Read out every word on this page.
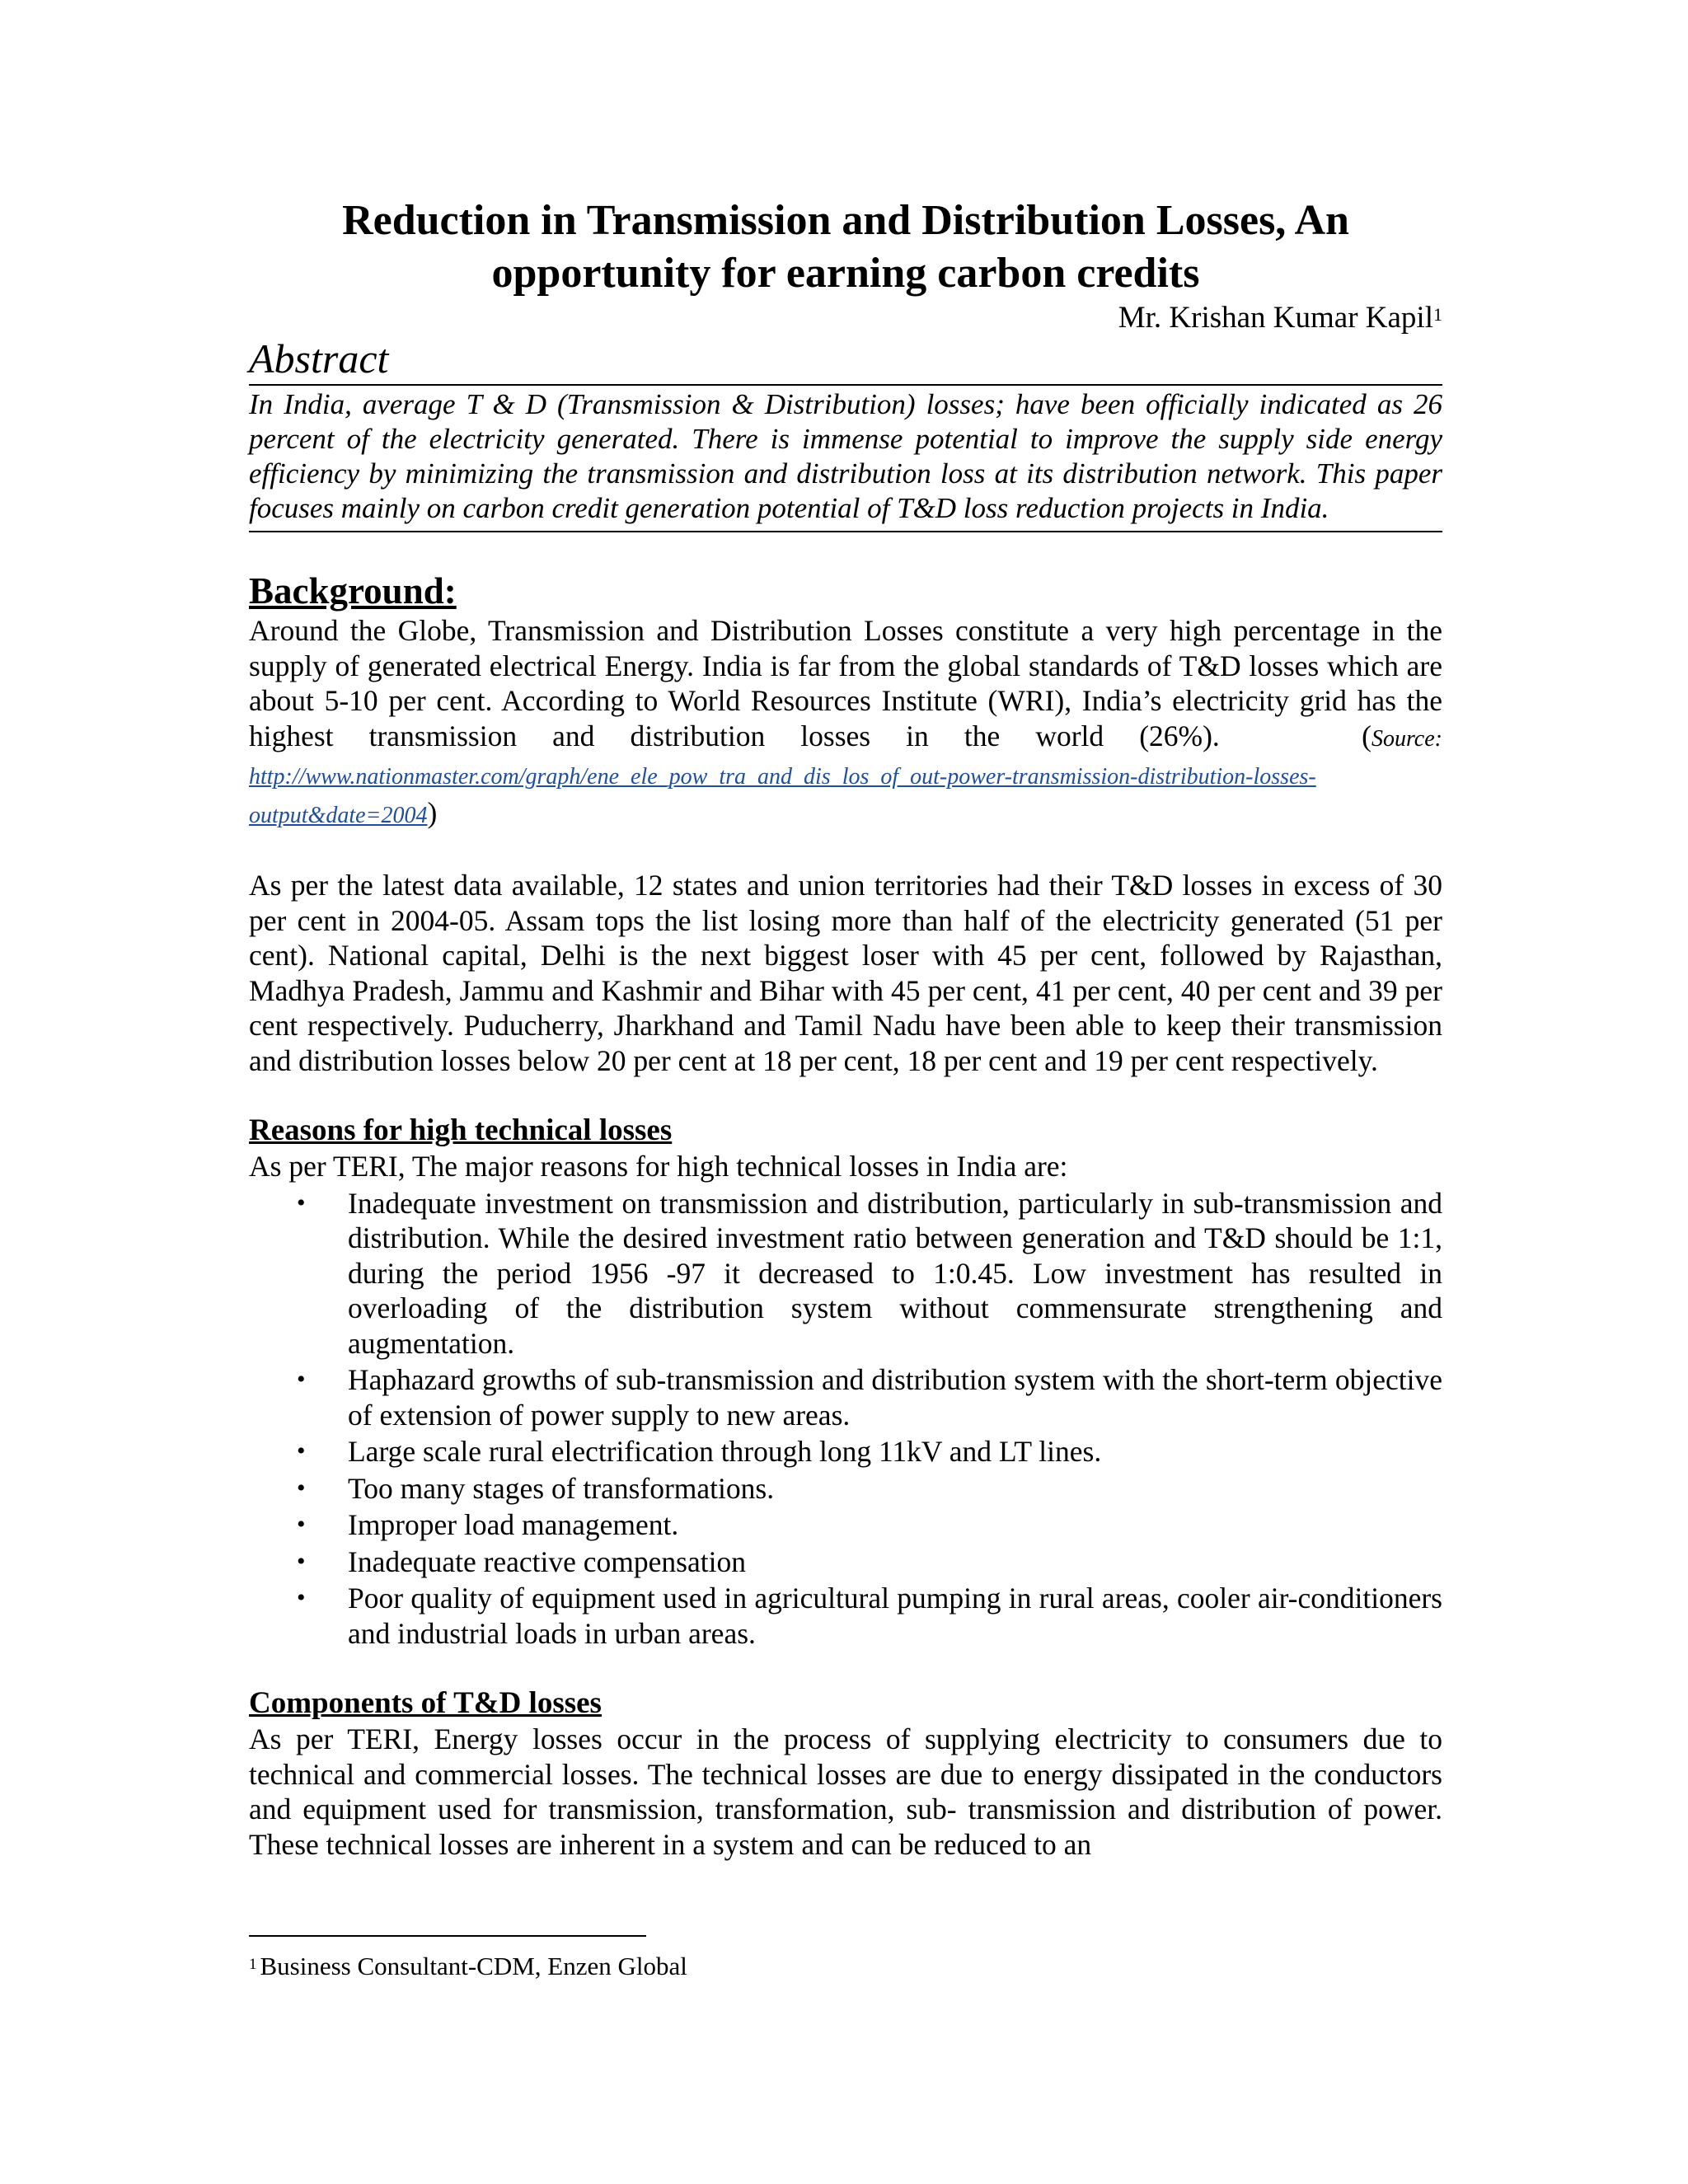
Reduction in Transmission and Distribution Losses, An
opportunity for earning carbon credits
Mr. Krishan Kumar Kapil$^1$
Abstract

In India, average T & D (Transmission & Distribution) losses; have been officially indicated as 26 percent of the electricity generated. There is immense potential to improve the supply side energy efficiency by minimizing the transmission and distribution loss at its distribution network. This paper focuses mainly on carbon credit generation potential of T&D loss reduction projects in India.

Background:

Around the Globe, Transmission and Distribution Losses constitute a very high percentage in the supply of generated electrical Energy. India is far from the global standards of T&D losses which are about 5-10 per cent. According to World Resources Institute (WRI), India’s electricity grid has the highest transmission and distribution losses in the world (26%).	(Source: http://www.nationmaster.com/graph/ene_ele_pow_tra_and_dis_los_of_out-power-transmission-distribution-losses-output&date=2004)

As per the latest data available, 12 states and union territories had their T&D losses in excess of 30 per cent in 2004-05. Assam tops the list losing more than half of the electricity generated (51 per cent). National capital, Delhi is the next biggest loser with 45 per cent, followed by Rajasthan, Madhya Pradesh, Jammu and Kashmir and Bihar with 45 per cent, 41 per cent, 40 per cent and 39 per cent respectively. Puducherry, Jharkhand and Tamil Nadu have been able to keep their transmission and distribution losses below 20 per cent at 18 per cent, 18 per cent and 19 per cent respectively.

Reasons for high technical losses

As per TERI, The major reasons for high technical losses in India are:

• Inadequate investment on transmission and distribution, particularly in sub-transmission and distribution. While the desired investment ratio between generation and T&D should be 1:1, during the period 1956 -97 it decreased to 1:0.45. Low investment has resulted in overloading of the distribution system without commensurate strengthening and augmentation.
• Haphazard growths of sub-transmission and distribution system with the short-term objective of extension of power supply to new areas.
• Large scale rural electrification through long 11kV and LT lines.
• Too many stages of transformations.
• Improper load management.
• Inadequate reactive compensation
• Poor quality of equipment used in agricultural pumping in rural areas, cooler air-conditioners and industrial loads in urban areas.
Components of T&D losses

As per TERI, Energy losses occur in the process of supplying electricity to consumers due to technical and commercial losses. The technical losses are due to energy dissipated in the conductors and equipment used for transmission, transformation, sub- transmission and distribution of power. These technical losses are inherent in a system and can be reduced to an

$^1$ Business Consultant-CDM, Enzen Global
